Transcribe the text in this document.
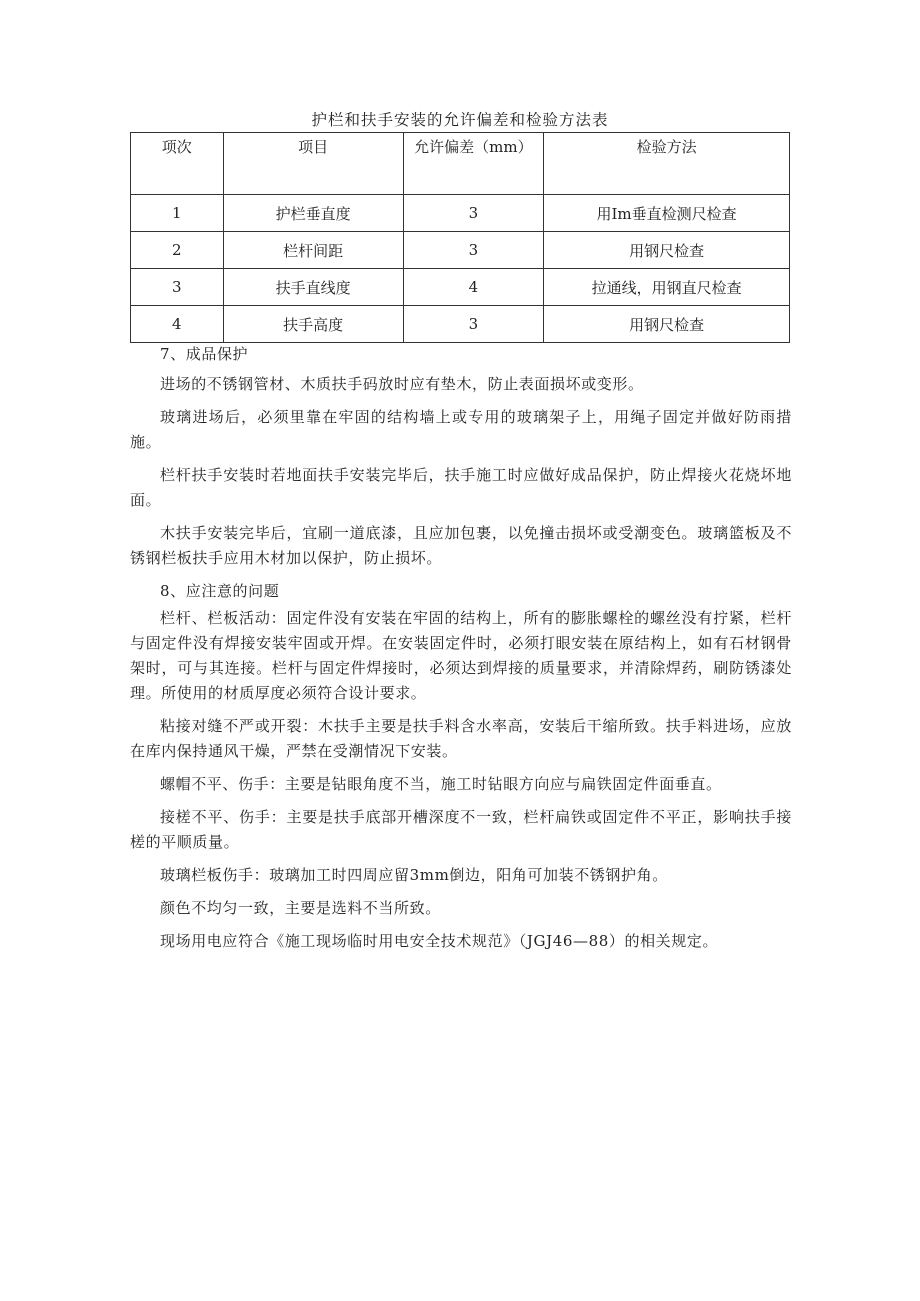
护栏和扶手安装的允许偏差和检验方法表
项次	项目	允许偏差（mm）	检验方法
1	护栏垂直度	3	用Im垂直检测尺检查
2	栏杆间距	3	用钢尺检查
3	扶手直线度	4	拉通线，用钢直尺检查
4	扶手高度	3	用钢尺检查

7、成品保护

进场的不锈钢管材、木质扶手码放时应有垫木，防止表面损坏或变形。

玻璃进场后，必须里靠在牢固的结构墙上或专用的玻璃架子上，用绳子固定并做好防雨措施。

栏杆扶手安装时若地面扶手安装完毕后，扶手施工时应做好成品保护，防止焊接火花烧坏地面。

木扶手安装完毕后，宜刷一道底漆，且应加包裹，以免撞击损坏或受潮变色。玻璃篮板及不锈钢栏板扶手应用木材加以保护，防止损坏。

8、应注意的问题

栏杆、栏板活动：固定件没有安装在牢固的结构上，所有的膨胀螺栓的螺丝没有拧紧，栏杆与固定件没有焊接安装牢固或开焊。在安装固定件时，必须打眼安装在原结构上，如有石材钢骨架时，可与其连接。栏杆与固定件焊接时，必须达到焊接的质量要求，并清除焊药，刷防锈漆处理。所使用的材质厚度必须符合设计要求。

粘接对缝不严或开裂：木扶手主要是扶手料含水率高，安装后干缩所致。扶手料进场，应放在库内保持通风干燥，严禁在受潮情况下安装。

螺帽不平、伤手：主要是钻眼角度不当，施工时钻眼方向应与扁铁固定件面垂直。

接槎不平、伤手：主要是扶手底部开槽深度不一致，栏杆扁铁或固定件不平正，影响扶手接槎的平顺质量。

玻璃栏板伤手：玻璃加工时四周应留3mm倒边，阳角可加装不锈钢护角。

颜色不均匀一致，主要是选料不当所致。

现场用电应符合《施工现场临时用电安全技术规范》（JGJ46—88）的相关规定。
